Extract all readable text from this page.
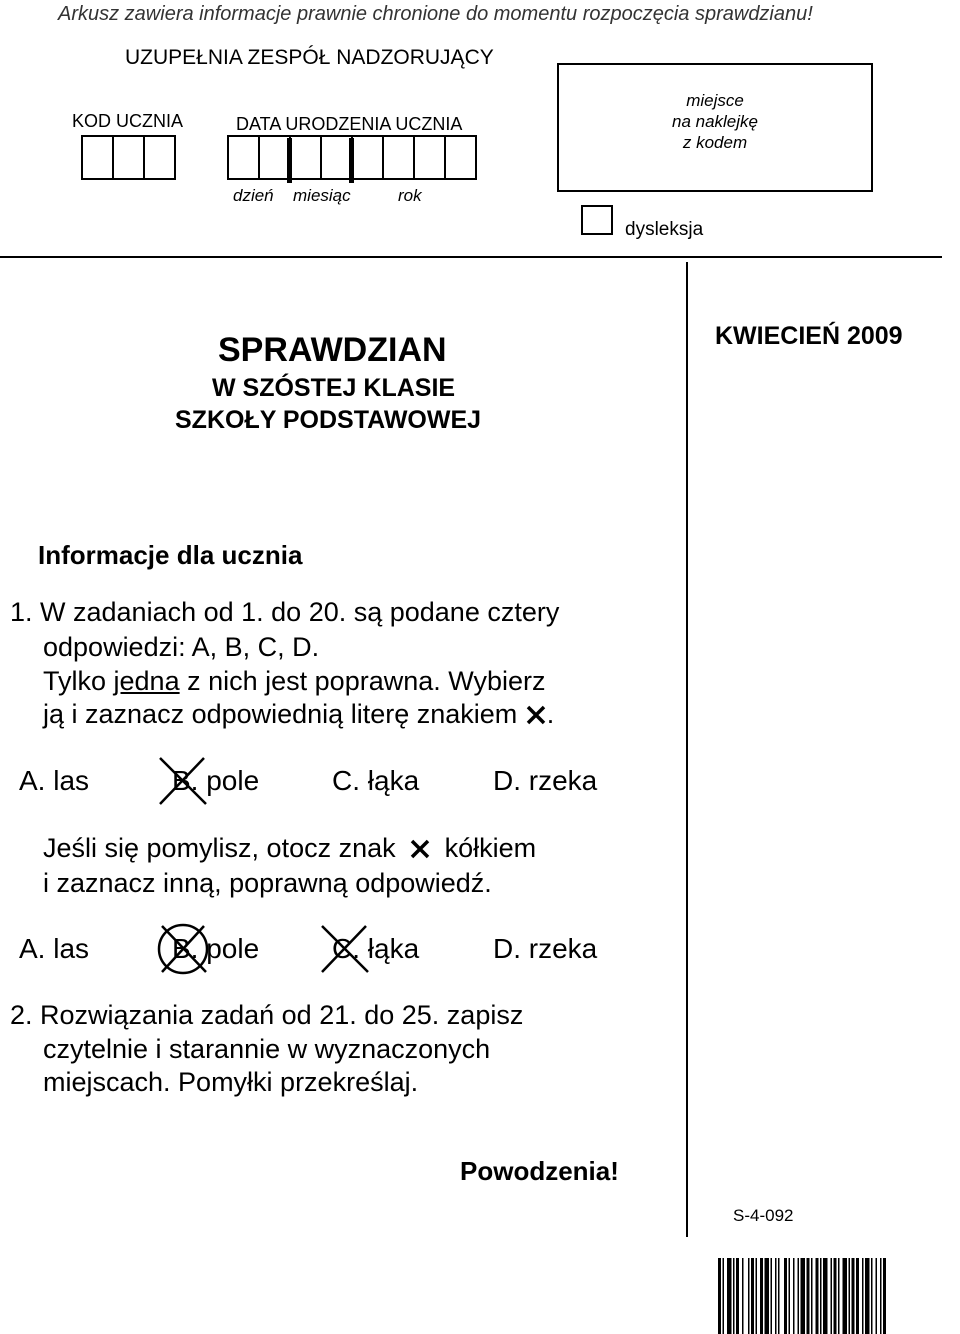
Arkusz zawiera informacje prawnie chronione do momentu rozpoczęcia sprawdzianu!
UZUPEŁNIA ZESPÓŁ NADZORUJĄCY
KOD UCZNIA	DATA URODZENIA UCZNIA
dzień miesiąc	rok
miejsce
na naklejkę
z kodem
dysleksja
SPRAWDZIAN
W SZÓSTEJ KLASIE
SZKOŁY PODSTAWOWEJ
KWIECIEŃ 2009
Informacje dla ucznia
1. W zadaniach od 1. do 20. są podane cztery
odpowiedzi: A, B, C, D.
Tylko jedna z nich jest poprawna. Wybierz
ją i zaznacz odpowiednią literę znakiem .
A. las	B. pole	C. łąka	D. rzeka
Jeśli się pomylisz, otocz znak kółkiem
i zaznacz inną, poprawną odpowiedź.
A. las	B. pole	C. łąka	D. rzeka
2. Rozwiązania zadań od 21. do 25. zapisz
czytelnie i starannie w wyznaczonych
miejscach. Pomyłki przekreślaj.
Powodzenia!
S-4-092
